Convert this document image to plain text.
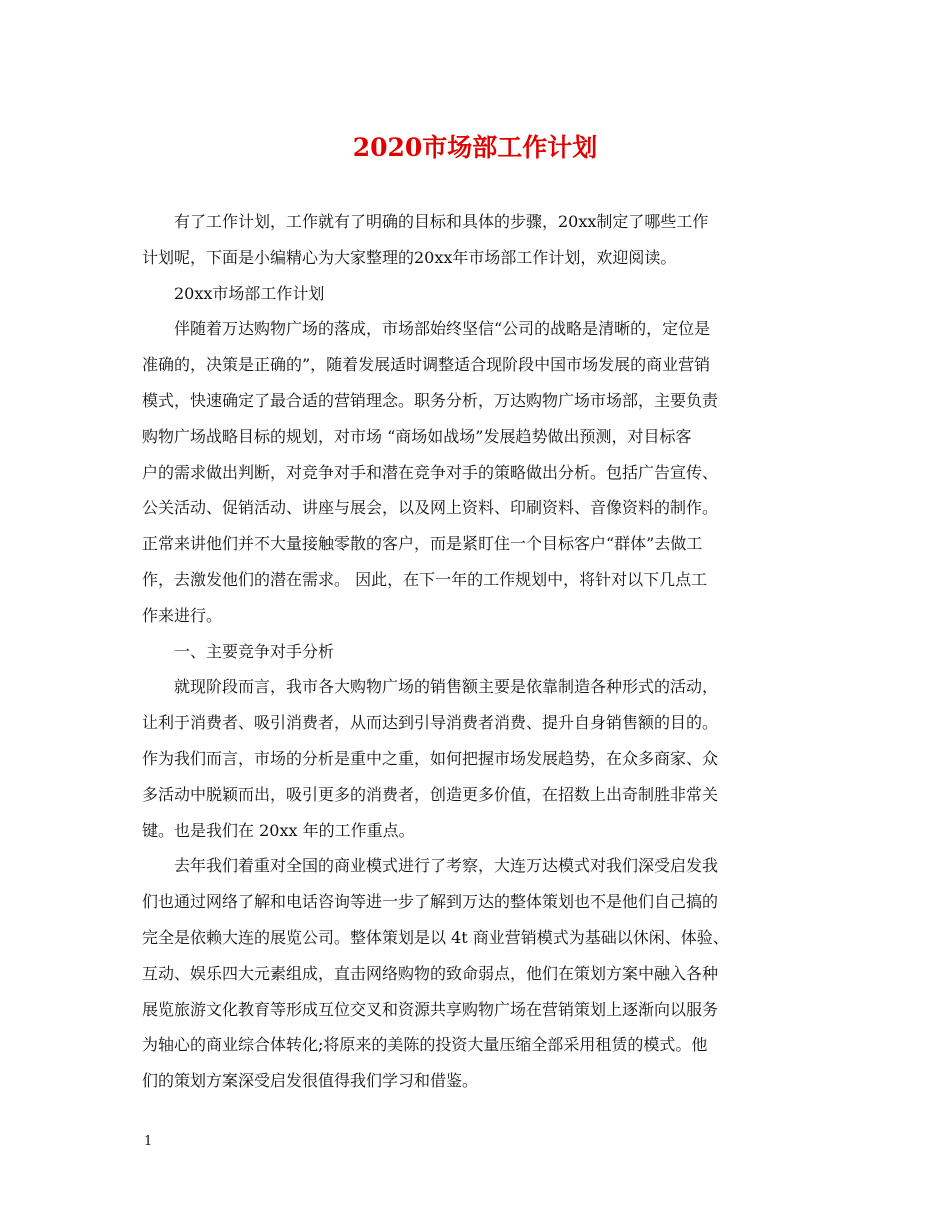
2020市场部工作计划
有了工作计划，工作就有了明确的目标和具体的步骤，20xx制定了哪些工作
计划呢，下面是小编精心为大家整理的20xx年市场部工作计划，欢迎阅读。
20xx市场部工作计划
伴随着万达购物广场的落成，市场部始终坚信“公司的战略是清晰的，定位是
准确的，决策是正确的”，随着发展适时调整适合现阶段中国市场发展的商业营销
模式，快速确定了最合适的营销理念。职务分析，万达购物广场市场部，主要负责
购物广场战略目标的规划，对市场 “商场如战场”发展趋势做出预测，对目标客
户的需求做出判断，对竞争对手和潜在竞争对手的策略做出分析。包括广告宣传、
公关活动、促销活动、讲座与展会，以及网上资料、印刷资料、音像资料的制作。
正常来讲他们并不大量接触零散的客户，而是紧盯住一个目标客户“群体”去做工
作，去激发他们的潜在需求。 因此，在下一年的工作规划中，将针对以下几点工
作来进行。
一、主要竞争对手分析
就现阶段而言，我市各大购物广场的销售额主要是依靠制造各种形式的活动，
让利于消费者、吸引消费者，从而达到引导消费者消费、提升自身销售额的目的。
作为我们而言，市场的分析是重中之重，如何把握市场发展趋势，在众多商家、众
多活动中脱颖而出，吸引更多的消费者，创造更多价值，在招数上出奇制胜非常关
键。也是我们在 20xx 年的工作重点。
去年我们着重对全国的商业模式进行了考察，大连万达模式对我们深受启发我
们也通过网络了解和电话咨询等进一步了解到万达的整体策划也不是他们自己搞的
完全是依赖大连的展览公司。整体策划是以 4t 商业营销模式为基础以休闲、体验、
互动、娱乐四大元素组成，直击网络购物的致命弱点，他们在策划方案中融入各种
展览旅游文化教育等形成互位交叉和资源共享购物广场在营销策划上逐渐向以服务
为轴心的商业综合体转化;将原来的美陈的投资大量压缩全部采用租赁的模式。他
们的策划方案深受启发很值得我们学习和借鉴。
1
